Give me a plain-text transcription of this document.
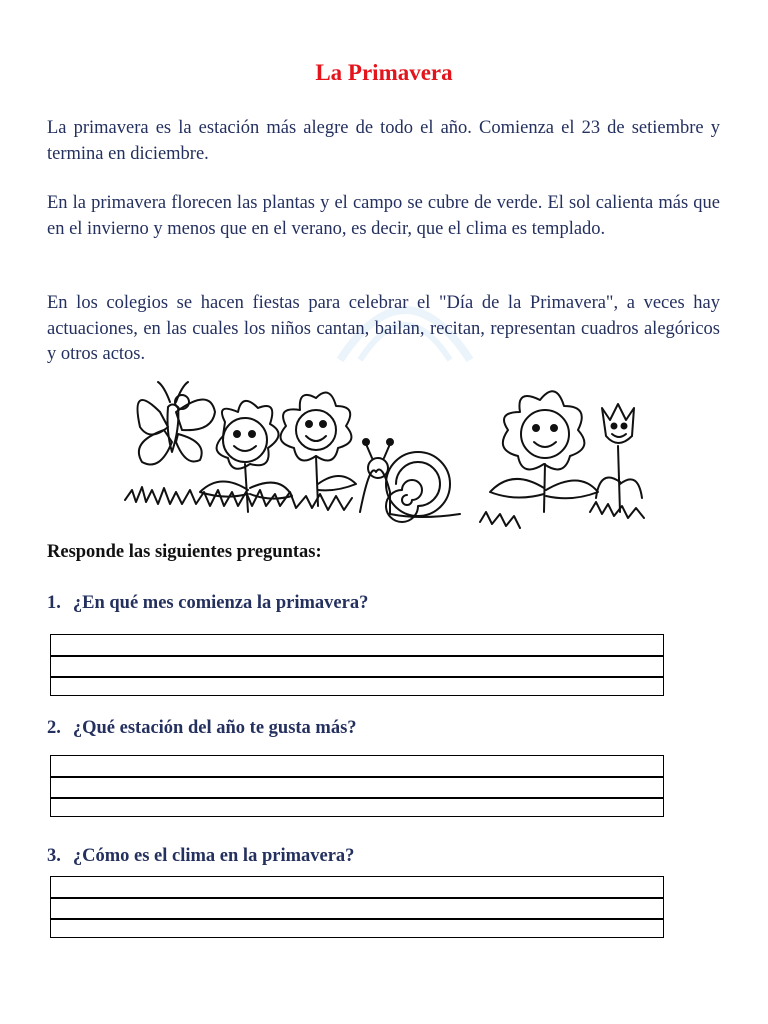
La Primavera

La primavera es la estación más alegre de todo el año. Comienza el 23 de setiembre y termina en diciembre.

En la primavera florecen las plantas y el campo se cubre de verde. El sol calienta más que en el invierno y menos que en el verano, es decir, que el clima es templado.

En los colegios se hacen fiestas para celebrar el "Día de la Primavera", a veces hay actuaciones, en las cuales los niños cantan, bailan, recitan, representan cuadros alegóricos y otros actos.

Responde las siguientes preguntas:

1. ¿En qué mes comienza la primavera?

2. ¿Qué estación del año te gusta más?

3. ¿Cómo es el clima en la primavera?
